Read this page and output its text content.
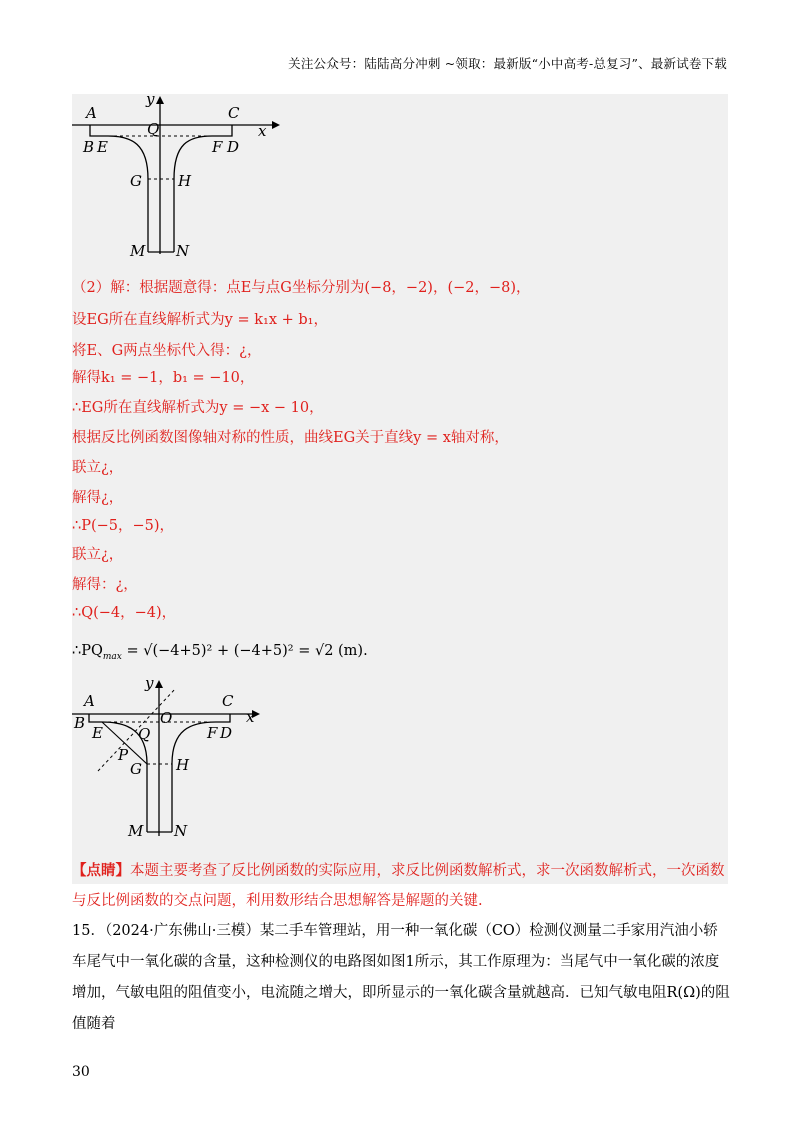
关注公众号：陆陆高分冲刺 ~领取：最新版“小中高考-总复习”、最新试卷下载
A	C
y
x
Q
B E	F D
G H
M N
（2）解：根据题意得：点E与点G坐标分别为(−8，−2)，(−2，−8)，
设EG所在直线解析式为y = k₁x + b₁，
将E、G两点坐标代入得：¿，
解得k₁ = −1，b₁ = −10，
∴EG所在直线解析式为y = −x − 10，
根据反比例函数图像轴对称的性质，曲线EG关于直线y = x轴对称，
联立¿，
解得¿，
∴P(−5，−5)，
联立¿，
解得：¿，
∴Q(−4，−4)，
$\therefore PQ_{max} = √(-4+5)^2 + (-4+5)^2 = √2$ (m).
A	C
y
x
O
B
E Q
P
F D
G H
M N
【点睛】本题主要考查了反比例函数的实际应用，求反比例函数解析式，求一次函数解析式，一次函数与反比例函数的交点问题，利用数形结合思想解答是解题的关键.
15．（2024·广东佛山·三模）某二手车管理站，用一种一氧化碳（CO）检测仪测量二手家用汽油小轿车尾气中一氧化碳的含量，这种检测仪的电路图如图1所示，其工作原理为：当尾气中一氧化碳的浓度增加，气敏电阻的阻值变小，电流随之增大，即所显示的一氧化碳含量就越高．已知气敏电阻R(Ω)的阻值随着
30
